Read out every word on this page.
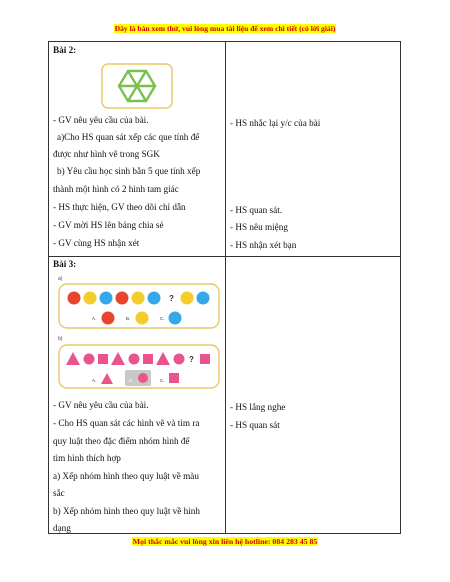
Đây là bản xem thử, vui lòng mua tài liệu để xem chi tiết (có lời giải)
Bài 2:
- GV nêu yêu cầu của bài.
a)Cho HS quan sát xếp các que tính để
được như hình vẽ trong SGK
b) Yêu cầu học sinh bằn 5 que tính xếp
thành một hình có 2 hình tam giác
- HS thực hiện, GV theo dõi chỉ dẫn
- GV mời HS lên bảng chia sẻ
- GV cùng HS nhận xét
- HS nhắc lại y/c của bài
- HS quan sát.
- HS nêu miệng
- HS nhận xét bạn
Bài 3:
a)
?
A.	B.	C.
b)
?
A.	B.	C.
- GV nêu yêu cầu của bài.
- Cho HS quan sát các hình vẽ và tìm ra
quy luật theo đặc điểm nhóm hình để
tìm hình thích hợp
a) Xếp nhóm hình theo quy luật về màu
sắc
b) Xếp nhóm hình theo quy luật về hình
dạng
- HS lắng nghe
- HS quan sát
Mọi thắc mắc vui lòng xin liên hệ hotline: 084 283 45 85
